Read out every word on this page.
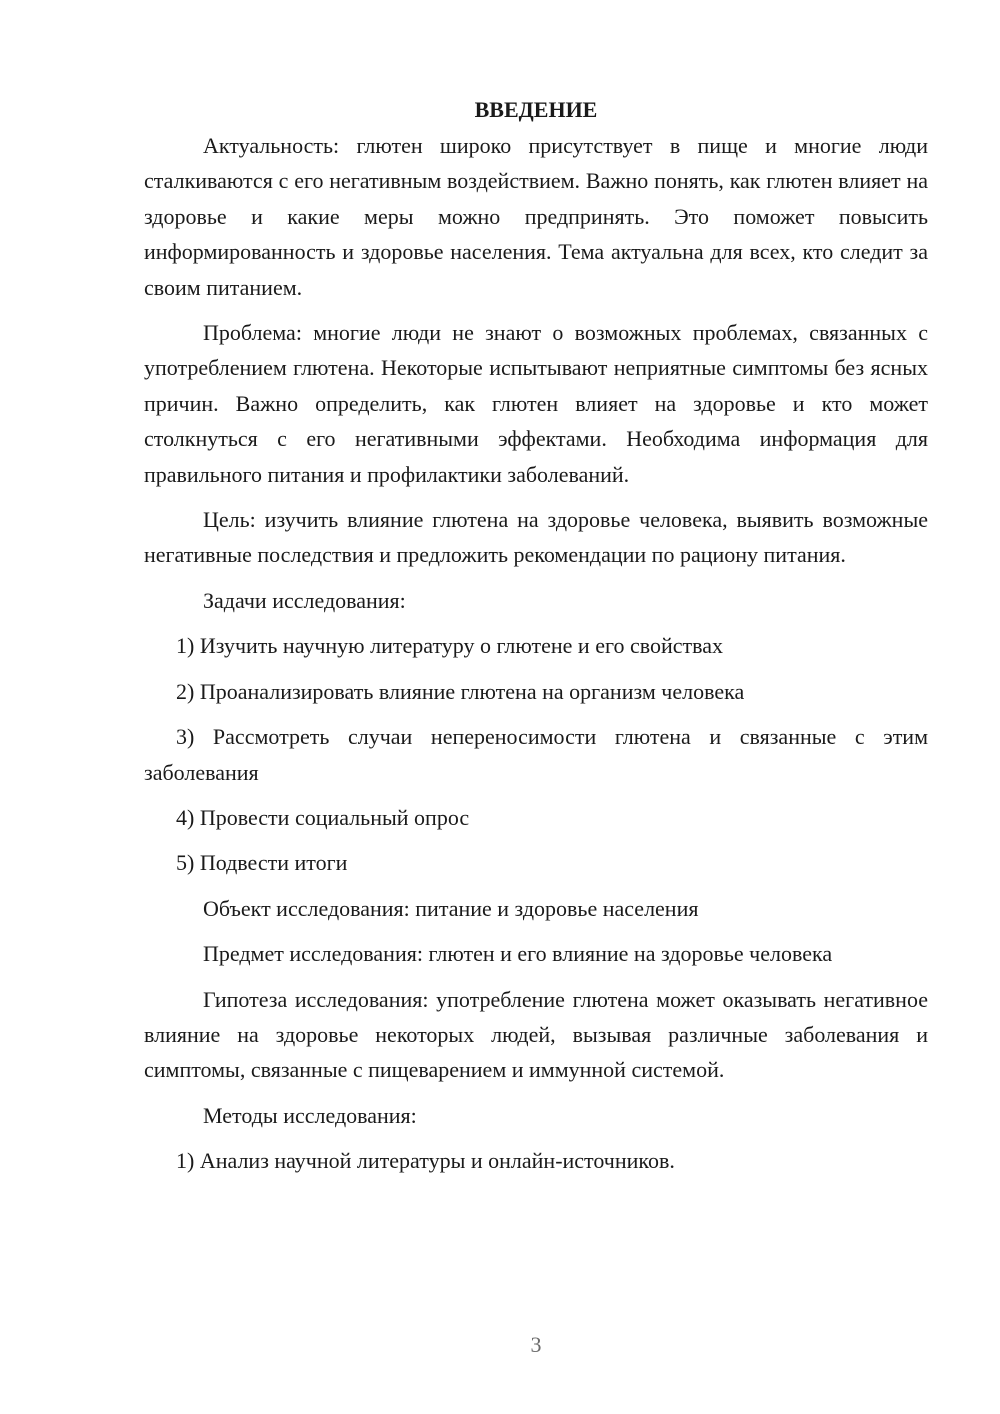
ВВЕДЕНИЕ

Актуальность: глютен широко присутствует в пище и многие люди сталкиваются с его негативным воздействием. Важно понять, как глютен влияет на здоровье и какие меры можно предпринять. Это поможет повысить информированность и здоровье населения. Тема актуальна для всех, кто следит за своим питанием.

Проблема: многие люди не знают о возможных проблемах, связанных с употреблением глютена. Некоторые испытывают неприятные симптомы без ясных причин. Важно определить, как глютен влияет на здоровье и кто может столкнуться с его негативными эффектами. Необходима информация для правильного питания и профилактики заболеваний.

Цель: изучить влияние глютена на здоровье человека, выявить возможные негативные последствия и предложить рекомендации по рациону питания.

Задачи исследования:

1) Изучить научную литературу о глютене и его свойствах

2) Проанализировать влияние глютена на организм человека

3) Рассмотреть случаи непереносимости глютена и связанные с этим заболевания

4) Провести социальный опрос

5) Подвести итоги

Объект исследования: питание и здоровье населения

Предмет исследования: глютен и его влияние на здоровье человека

Гипотеза исследования: употребление глютена может оказывать негативное влияние на здоровье некоторых людей, вызывая различные заболевания и симптомы, связанные с пищеварением и иммунной системой.

Методы исследования:

1) Анализ научной литературы и онлайн-источников.

3
